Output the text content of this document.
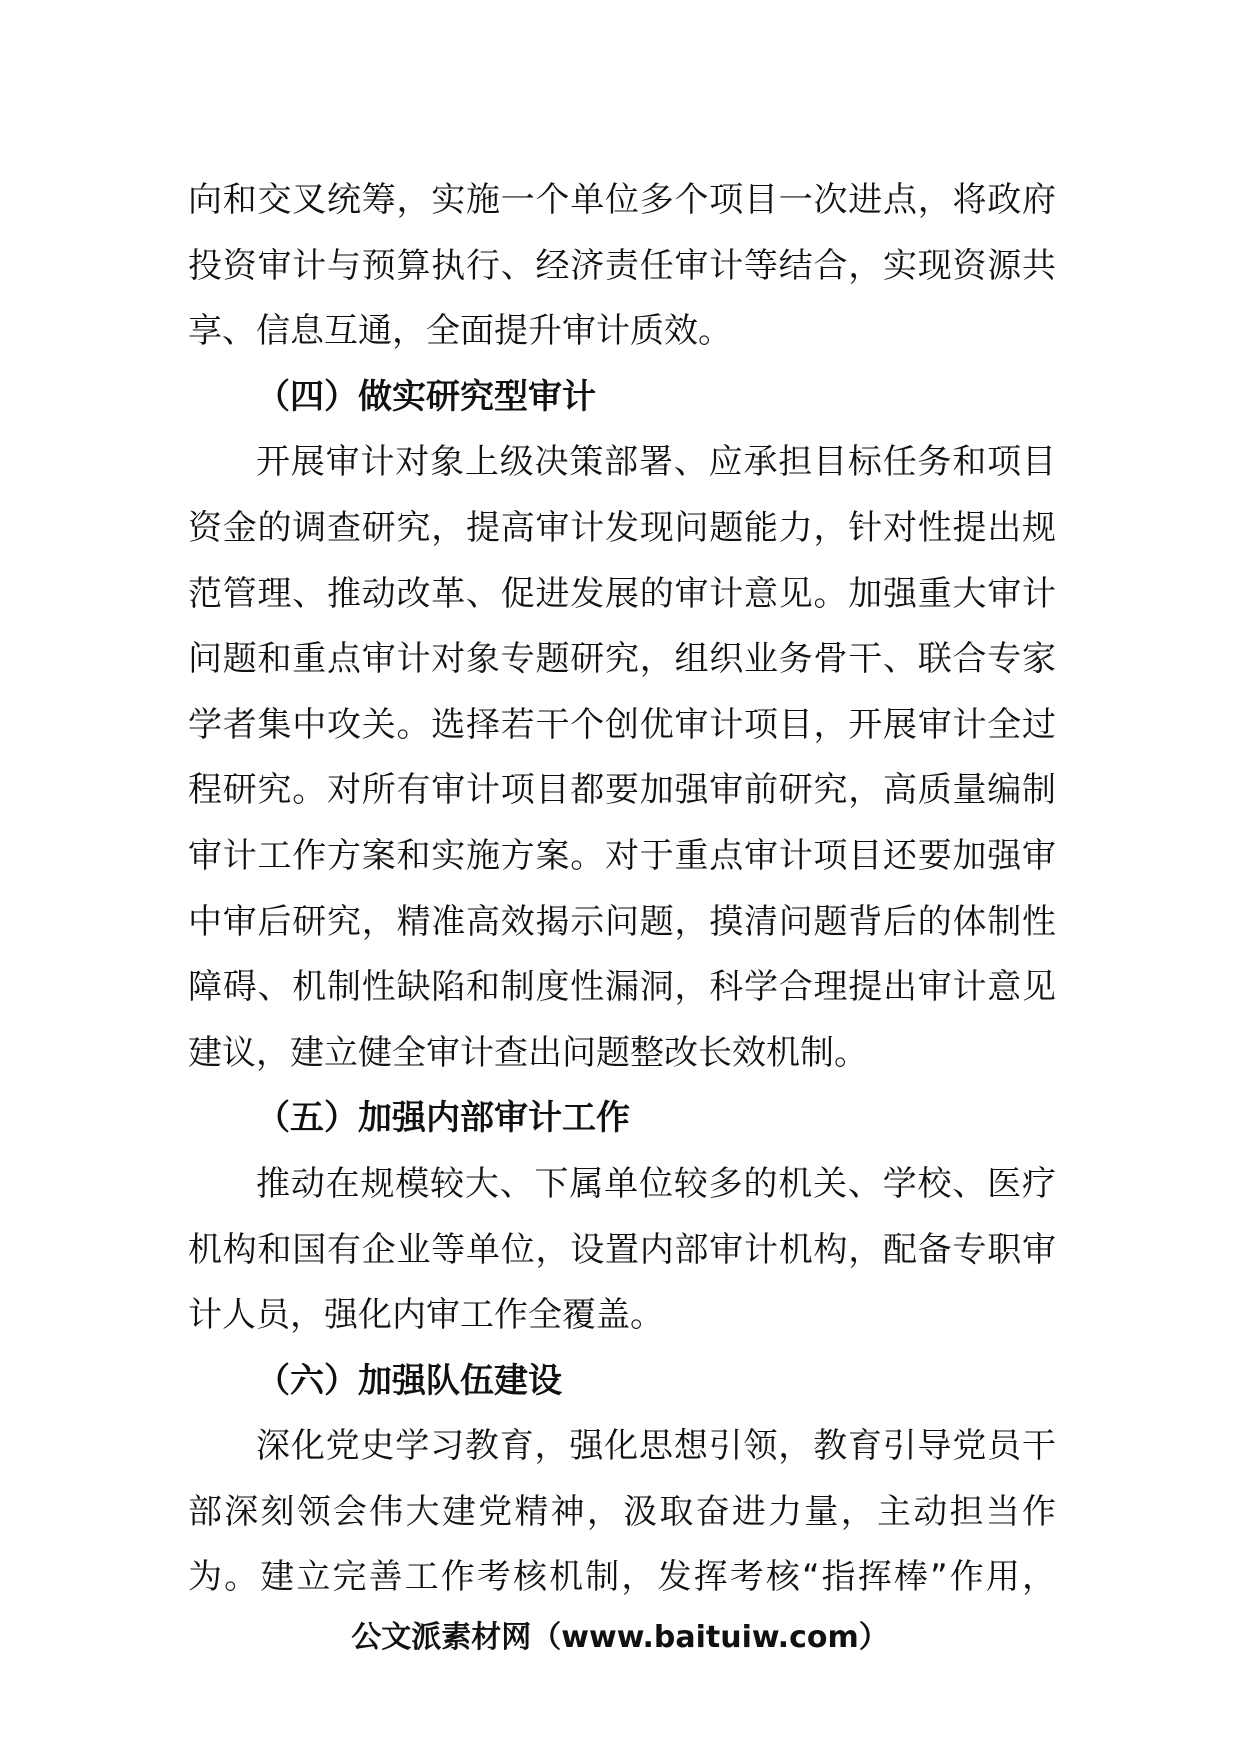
向和交叉统筹，实施一个单位多个项目一次进点，将政府
投资审计与预算执行、经济责任审计等结合，实现资源共
享、信息互通，全面提升审计质效。
（四）做实研究型审计
开展审计对象上级决策部署、应承担目标任务和项目
资金的调查研究，提高审计发现问题能力，针对性提出规
范管理、推动改革、促进发展的审计意见。加强重大审计
问题和重点审计对象专题研究，组织业务骨干、联合专家
学者集中攻关。选择若干个创优审计项目，开展审计全过
程研究。对所有审计项目都要加强审前研究，高质量编制
审计工作方案和实施方案。对于重点审计项目还要加强审
中审后研究，精准高效揭示问题，摸清问题背后的体制性
障碍、机制性缺陷和制度性漏洞，科学合理提出审计意见
建议，建立健全审计查出问题整改长效机制。
（五）加强内部审计工作
推动在规模较大、下属单位较多的机关、学校、医疗
机构和国有企业等单位，设置内部审计机构，配备专职审
计人员，强化内审工作全覆盖。
（六）加强队伍建设
深化党史学习教育，强化思想引领，教育引导党员干
部深刻领会伟大建党精神，汲取奋进力量，主动担当作
为。建立完善工作考核机制，发挥考核“指挥棒”作用，
公文派素材网（www.baituiw.com）
